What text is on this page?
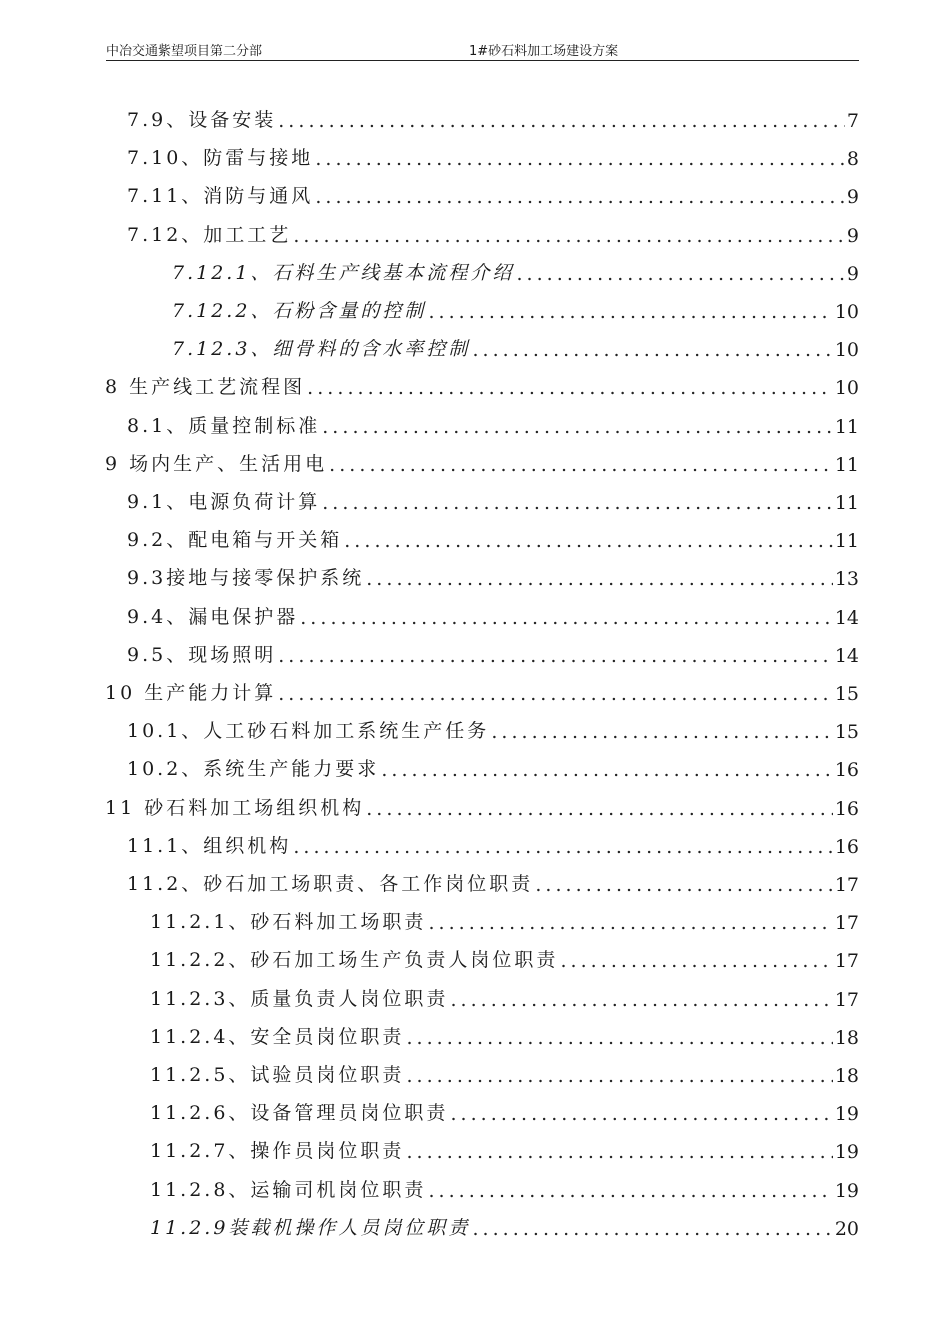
中冶交通紫望项目第二分部	1#砂石料加工场建设方案
7.9、设备安装 . . .	7
7.10、防雷与接地 . . .	8
7.11、消防与通风 . . .	9
7.12、加工工艺 . . .	9
7.12.1、石料生产线基本流程介绍 . . .	9
7.12.2、石粉含量的控制 . . .	10
7.12.3、细骨料的含水率控制 . . .	10
8 生产线工艺流程图 . . .	10
8.1、质量控制标准 . . .	11
9 场内生产、生活用电 . . .	11
9.1、电源负荷计算 . . .	11
9.2、配电箱与开关箱 . . .	11
9.3接地与接零保护系统 . . .	13
9.4、漏电保护器 . . .	14
9.5、现场照明 . . .	14
10 生产能力计算 . . .	15
10.1、人工砂石料加工系统生产任务 . . .	15
10.2、系统生产能力要求 . . .	16
11 砂石料加工场组织机构 . . .	16
11.1、组织机构 . . .	16
11.2、砂石加工场职责、各工作岗位职责 . . .	17
11.2.1、砂石料加工场职责 . . .	17
11.2.2、砂石加工场生产负责人岗位职责 . . .	17
11.2.3、质量负责人岗位职责 . . .	17
11.2.4、安全员岗位职责 . . .	18
11.2.5、试验员岗位职责 . . .	18
11.2.6、设备管理员岗位职责 . . .	19
11.2.7、操作员岗位职责 . . .	19
11.2.8、运输司机岗位职责 . . .	19
11.2.9装载机操作人员岗位职责 . . .	20
